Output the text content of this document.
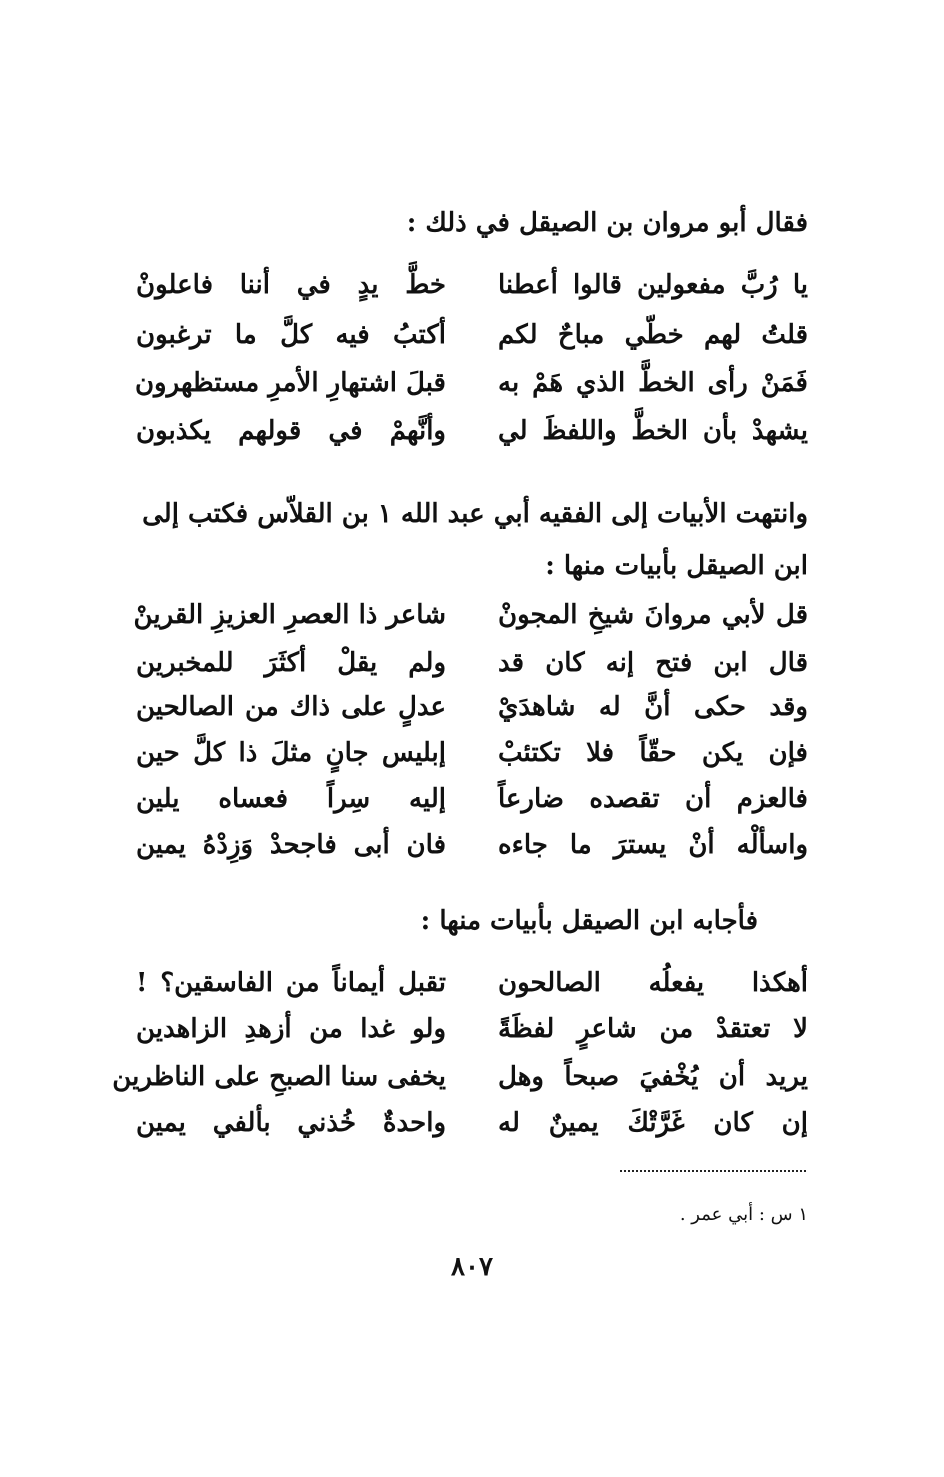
فقال أبو مروان بن الصيقل في ذلك :
يا رُبَّ مفعولين قالوا أعطنا
خطَّ يدٍ في أننا فاعلونْ
قلتُ لهم خطّي مباحٌ لكم
أكتبُ فيه كلَّ ما ترغبون
فَمَنْ رأى الخطَّ الذي هَمْ به
قبلَ اشتهارِ الأمرِ مستظهرون
يشهدْ بأن الخطَّ واللفظَ لي
وأنَّهمْ في قولهم يكذبون
وانتهت الأبيات إلى الفقيه أبي عبد الله ١ بن القلاّس فكتب إلى ابن الصيقل بأبيات منها :
قل لأبي مروانَ شيخِ المجونْ
شاعر ذا العصرِ العزيزِ القرينْ
قال ابن فتح إنه كان قد
ولم يقلْ أكثَرَ للمخبرين
وقد حكى أنَّ له شاهدَيْ
عدلٍ على ذاك من الصالحين
فإن يكن حقّاً فلا تكتئبْ
إبليس جانٍ مثلَ ذا كلَّ حين
فالعزم أن تقصده ضارعاً
إليه سِراً فعساه يلين
واسألْه أنْ يسترَ ما جاءه
فان أبى فاجحدْ وَزِدْهُ يمين
فأجابه ابن الصيقل بأبيات منها :
أهكذا يفعلُه الصالحون
تقبل أيماناً من الفاسقين؟ !
لا تعتقدْ من شاعرٍ لفظَةً
ولو غدا من أزهدِ الزاهدين
يريد أن يُخْفيَ صبحاً وهل
يخفى سنا الصبحِ على الناظرين
إن كان غَرَّتْكَ يمينٌ له
واحدةٌ خُذني بألفي يمين
١ س : أبي عمر .
٨٠٧
